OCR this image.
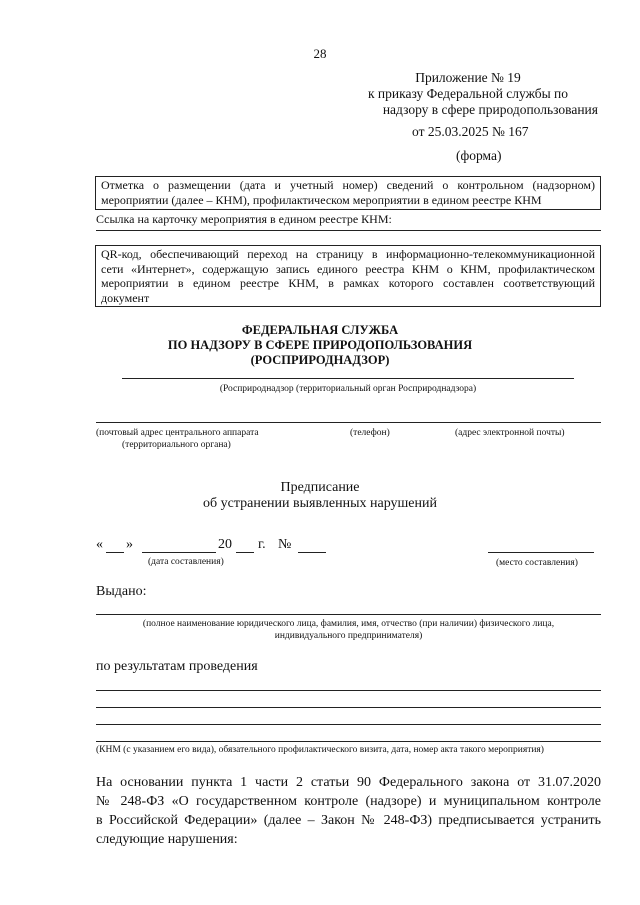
28
Приложение № 19
к приказу Федеральной службы по
надзору в сфере природопользования
от 25.03.2025 № 167
(форма)

Отметка о размещении (дата и учетный номер) сведений о контрольном (надзорном)

мероприятии (далее – КНМ), профилактическом мероприятии в едином реестре КНМ

Ссылка на карточку мероприятия в едином реестре КНМ:

QR-код, обеспечивающий переход на страницу в информационно-телекоммуникационной

сети «Интернет», содержащую запись единого реестра КНМ о КНМ, профилактическом

мероприятии в едином реестре КНМ, в рамках которого составлен соответствующий

документ

ФЕДЕРАЛЬНАЯ СЛУЖБА
ПО НАДЗОРУ В СФЕРЕ ПРИРОДОПОЛЬЗОВАНИЯ
(РОСПРИРОДНАДЗОР)
(Росприроднадзор (территориальный орган Росприроднадзора)
(почтовый адрес центрального аппарата
(территориального органа)
(телефон)	(адрес электронной почты)
Предписание
об устранении выявленных нарушений
« »	20 г. №
(дата составления)	(место составления)
Выдано:
(полное наименование юридического лица, фамилия, имя, отчество (при наличии) физического лица,
индивидуального предпринимателя)
по результатам проведения
(КНМ (с указанием его вида), обязательного профилактического визита, дата, номер акта такого мероприятия)
На основании пункта 1 части 2 статьи 90 Федерального закона от 31.07.2020
№ 248-ФЗ «О государственном контроле (надзоре) и муниципальном контроле
в Российской Федерации» (далее – Закон № 248-ФЗ) предписывается устранить
следующие нарушения:
